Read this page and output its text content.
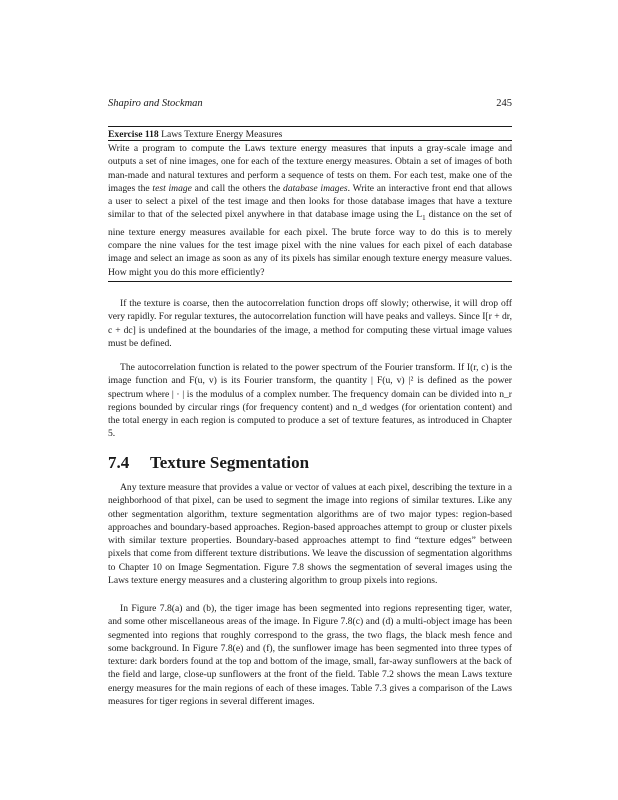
Shapiro and Stockman	245
Exercise 118 Laws Texture Energy Measures
Write a program to compute the Laws texture energy measures that inputs a gray-scale image and outputs a set of nine images, one for each of the texture energy measures. Obtain a set of images of both man-made and natural textures and perform a sequence of tests on them. For each test, make one of the images the test image and call the others the database images. Write an interactive front end that allows a user to select a pixel of the test image and then looks for those database images that have a texture similar to that of the selected pixel anywhere in that database image using the $L_1$ distance on the set of nine texture energy measures available for each pixel. The brute force way to do this is to merely compare the nine values for the test image pixel with the nine values for each pixel of each database image and select an image as soon as any of its pixels has similar enough texture energy measure values. How might you do this more efficiently?

If the texture is coarse, then the autocorrelation function drops off slowly; otherwise, it will drop off very rapidly. For regular textures, the autocorrelation function will have peaks and valleys. Since I[r + dr, c + dc] is undefined at the boundaries of the image, a method for computing these virtual image values must be defined.

The autocorrelation function is related to the power spectrum of the Fourier transform. If I(r, c) is the image function and F(u, v) is its Fourier transform, the quantity | F(u, v) |² is defined as the power spectrum where | · | is the modulus of a complex number. The frequency domain can be divided into n_r regions bounded by circular rings (for frequency content) and n_d wedges (for orientation content) and the total energy in each region is computed to produce a set of texture features, as introduced in Chapter 5.

7.4 Texture Segmentation

Any texture measure that provides a value or vector of values at each pixel, describing the texture in a neighborhood of that pixel, can be used to segment the image into regions of similar textures. Like any other segmentation algorithm, texture segmentation algorithms are of two major types: region-based approaches and boundary-based approaches. Region-based approaches attempt to group or cluster pixels with similar texture properties. Boundary-based approaches attempt to find “texture edges” between pixels that come from different texture distributions. We leave the discussion of segmentation algorithms to Chapter 10 on Image Segmentation. Figure 7.8 shows the segmentation of several images using the Laws texture energy measures and a clustering algorithm to group pixels into regions.

In Figure 7.8(a) and (b), the tiger image has been segmented into regions representing tiger, water, and some other miscellaneous areas of the image. In Figure 7.8(c) and (d) a multi-object image has been segmented into regions that roughly correspond to the grass, the two flags, the black mesh fence and some background. In Figure 7.8(e) and (f), the sunflower image has been segmented into three types of texture: dark borders found at the top and bottom of the image, small, far-away sunflowers at the back of the field and large, close-up sunflowers at the front of the field. Table 7.2 shows the mean Laws texture energy measures for the main regions of each of these images. Table 7.3 gives a comparison of the Laws measures for tiger regions in several different images.
